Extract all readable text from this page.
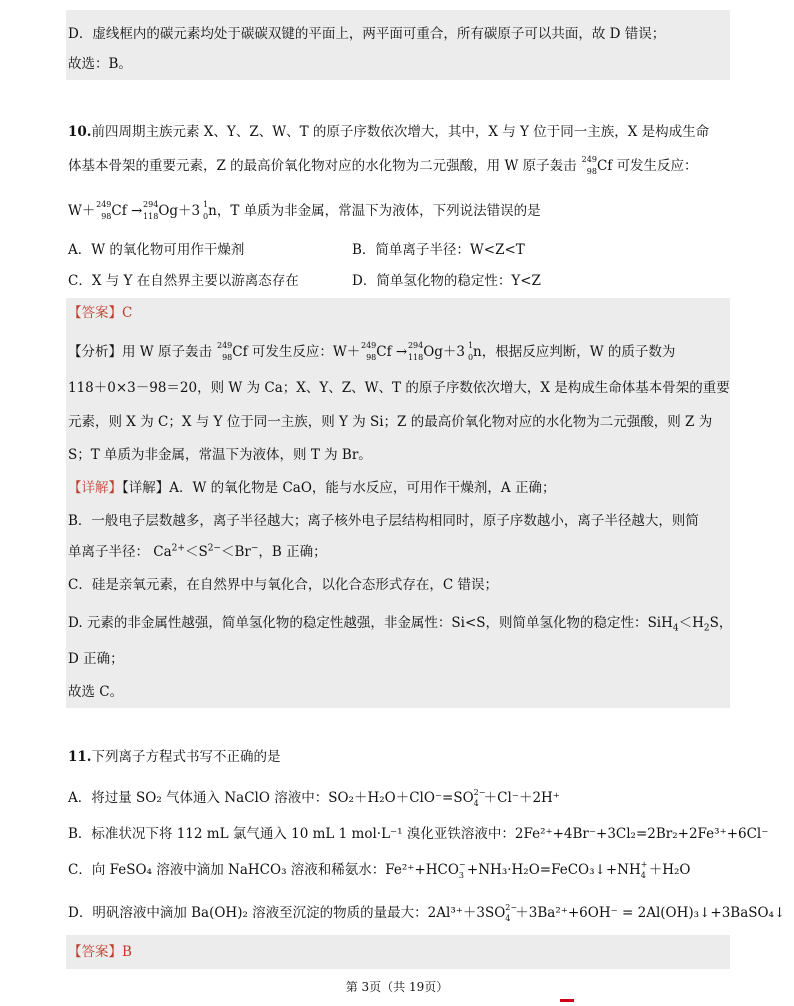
D．虚线框内的碳元素均处于碳碳双键的平面上，两平面可重合，所有碳原子可以共面，故 D 错误；
故选：B。
10.前四周期主族元素 X、Y、Z、W、T 的原子序数依次增大，其中，X 与 Y 位于同一主族，X 是构成生命
体基本骨架的重要元素，Z 的最高价氧化物对应的水化物为二元强酸，用 W 原子轰击 249
98 Cf 可发生反应：
W＋ 249
98 Cf → 294
118 Og＋3 1
0 n，T 单质为非金属，常温下为液体，下列说法错误的是
A．W 的氧化物可用作干燥剂	B．简单离子半径：W<Z<T
C．X 与 Y 在自然界主要以游离态存在	D．简单氢化物的稳定性：Y<Z
【答案】C
【分析】用 W 原子轰击 249
98 Cf 可发生反应：W＋ 249
98 Cf → 294
118 Og＋3 1
0 n，根据反应判断，W 的质子数为
118＋0×3－98＝20，则 W 为 Ca；X、Y、Z、W、T 的原子序数依次增大，X 是构成生命体基本骨架的重要
元素，则 X 为 C；X 与 Y 位于同一主族，则 Y 为 Si；Z 的最高价氧化物对应的水化物为二元强酸，则 Z 为
S；T 单质为非金属，常温下为液体，则 T 为 Br。
【详解】【详解】A．W 的氧化物是 CaO，能与水反应，可用作干燥剂，A 正确；
B．一般电子层数越多，离子半径越大；离子核外电子层结构相同时，原子序数越小，离子半径越大，则简
单离子半径： $Ca^{2+}<S^{2-}<Br^-$，B 正确；
C．硅是亲氧元素，在自然界中与氧化合，以化合态形式存在，C 错误；
D. 元素的非金属性越强，简单氢化物的稳定性越强，非金属性：Si<S，则简单氢化物的稳定性：$SiH_4<H_2S$，
D 正确；
故选 C。
11.下列离子方程式书写不正确的是
A．将过量 SO₂ 气体通入 NaClO 溶液中：SO₂＋H₂O＋ClO⁻=SO 2−
4 ＋Cl⁻＋2H⁺
B．标准状况下将 112 mL 氯气通入 10 mL 1 mol·L⁻¹ 溴化亚铁溶液中：2Fe²⁺+4Br⁻+3Cl₂=2Br₂+2Fe³⁺+6Cl⁻
C．向 FeSO₄ 溶液中滴加 NaHCO₃ 溶液和稀氨水：Fe²⁺+HCO −
3 +NH₃·H₂O=FeCO₃↓+NH +
4 ＋H₂O
D．明矾溶液中滴加 Ba(OH)₂ 溶液至沉淀的物质的量最大：2Al³⁺＋3SO 2−
4 ＋3Ba²⁺+6OH⁻ = 2Al(OH)₃↓+3BaSO₄↓
【答案】B
第 3页（共 19页）
